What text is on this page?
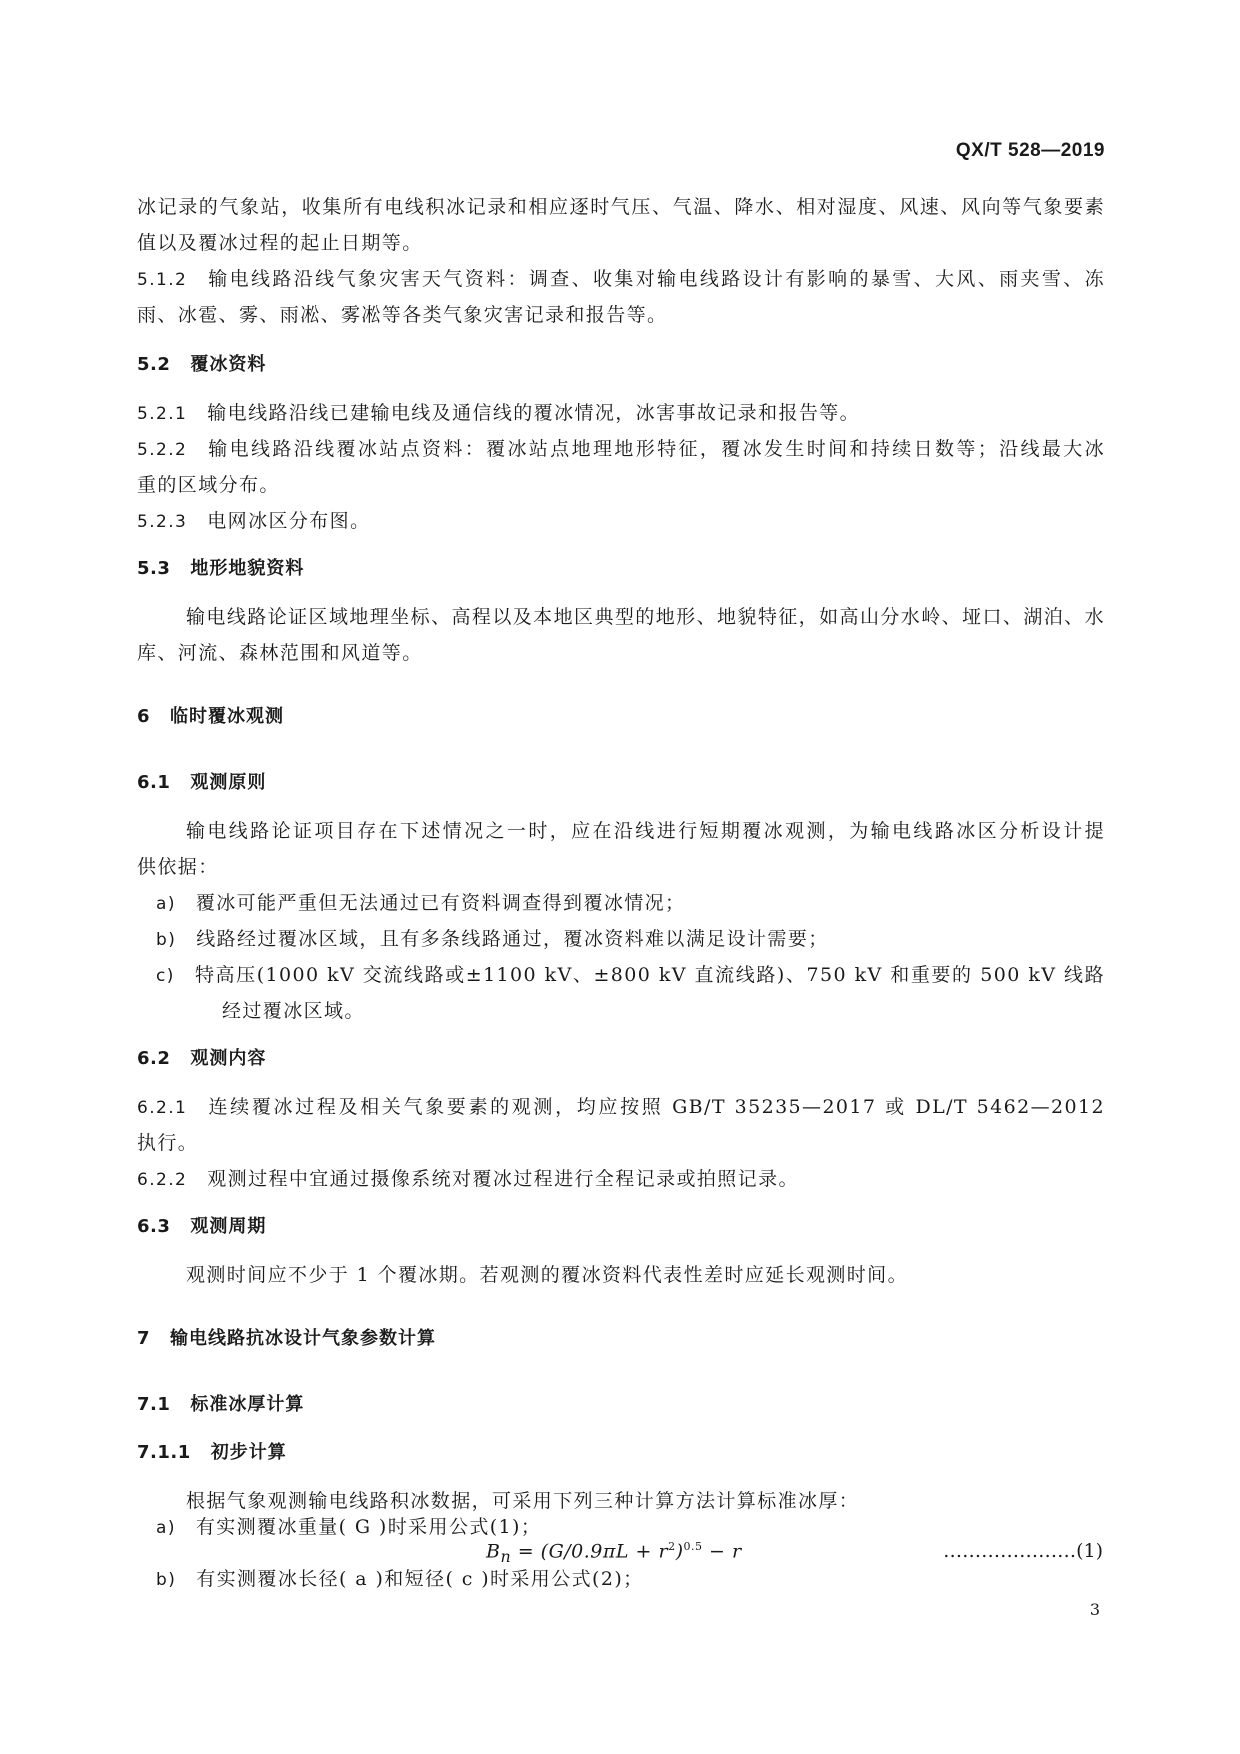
QX/T 528—2019
冰记录的气象站，收集所有电线积冰记录和相应逐时气压、气温、降水、相对湿度、风速、风向等气象要素
值以及覆冰过程的起止日期等。
5.1.2 输电线路沿线气象灾害天气资料：调查、收集对输电线路设计有影响的暴雪、大风、雨夹雪、冻
雨、冰雹、雾、雨凇、雾凇等各类气象灾害记录和报告等。
5.2 覆冰资料
5.2.1 输电线路沿线已建输电线及通信线的覆冰情况，冰害事故记录和报告等。
5.2.2 输电线路沿线覆冰站点资料：覆冰站点地理地形特征，覆冰发生时间和持续日数等；沿线最大冰
重的区域分布。
5.2.3 电网冰区分布图。
5.3 地形地貌资料
输电线路论证区域地理坐标、高程以及本地区典型的地形、地貌特征，如高山分水岭、垭口、湖泊、水
库、河流、森林范围和风道等。
6 临时覆冰观测
6.1 观测原则
输电线路论证项目存在下述情况之一时，应在沿线进行短期覆冰观测，为输电线路冰区分析设计提
供依据：
a) 覆冰可能严重但无法通过已有资料调查得到覆冰情况；
b) 线路经过覆冰区域，且有多条线路通过，覆冰资料难以满足设计需要；
c) 特高压(1000 kV 交流线路或±1100 kV、±800 kV 直流线路)、750 kV 和重要的 500 kV 线路
经过覆冰区域。
6.2 观测内容
6.2.1 连续覆冰过程及相关气象要素的观测，均应按照 GB/T 35235—2017 或 DL/T 5462—2012
执行。
6.2.2 观测过程中宜通过摄像系统对覆冰过程进行全程记录或拍照记录。
6.3 观测周期
观测时间应不少于 1 个覆冰期。若观测的覆冰资料代表性差时应延长观测时间。
7 输电线路抗冰设计气象参数计算
7.1 标准冰厚计算
7.1.1 初步计算
根据气象观测输电线路积冰数据，可采用下列三种计算方法计算标准冰厚：
a) 有实测覆冰重量( G )时采用公式(1)；
$B_n = (G/0.9\pi L + r^2)^{0.5} - r$	…………………(1)
b) 有实测覆冰长径( a )和短径( c )时采用公式(2)；
3
